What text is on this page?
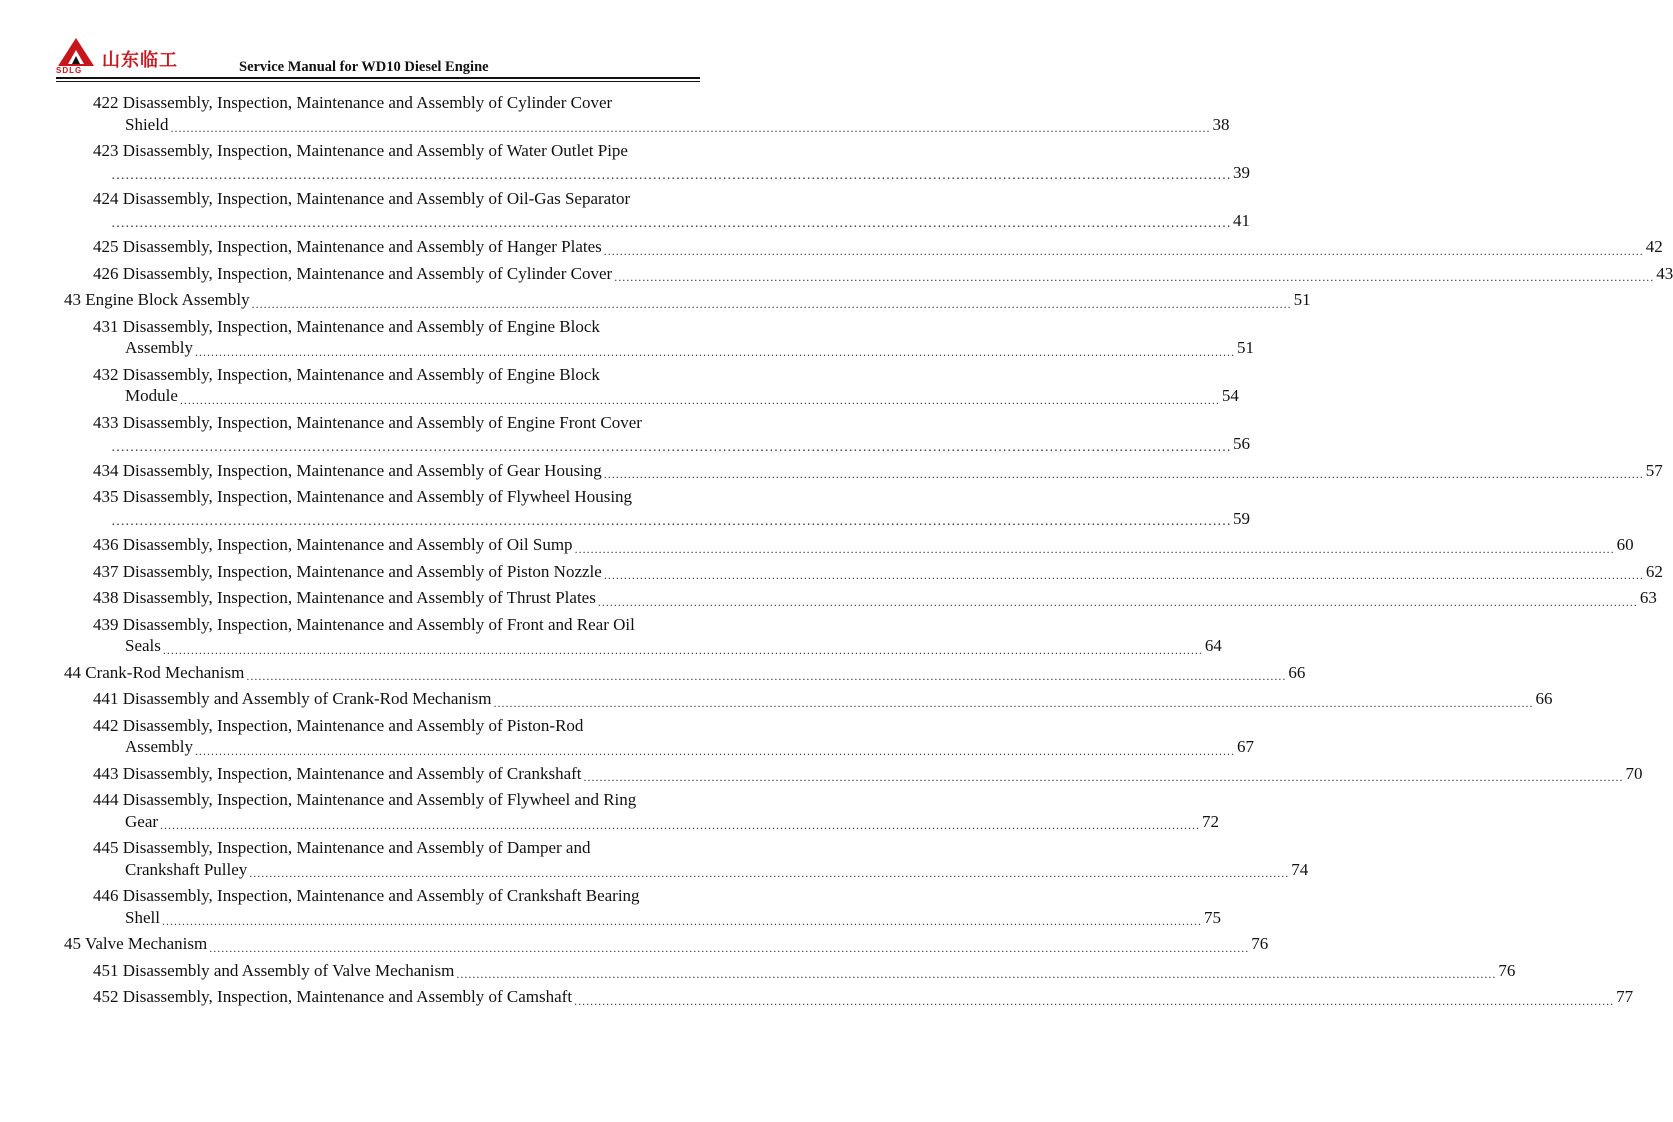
山东临工
SDLG	Service Manual for WD10 Diesel Engine
422 Disassembly, Inspection, Maintenance and Assembly of Cylinder Cover
Shield .................................................................................................................................................................................................................................................................... 38
423 Disassembly, Inspection, Maintenance and Assembly of Water Outlet Pipe
…………………………………………………………………………………………………………………………………………………………………………………………………………………… 39
424 Disassembly, Inspection, Maintenance and Assembly of Oil-Gas Separator
…………………………………………………………………………………………………………………………………………………………………………………………………………………… 41
425 Disassembly, Inspection, Maintenance and Assembly of Hanger Plates .................................................................................................................................................................................................................................................................... 42
426 Disassembly, Inspection, Maintenance and Assembly of Cylinder Cover .................................................................................................................................................................................................................................................................... 43
43 Engine Block Assembly .................................................................................................................................................................................................................................................................... 51
431 Disassembly, Inspection, Maintenance and Assembly of Engine Block
Assembly .................................................................................................................................................................................................................................................................... 51
432 Disassembly, Inspection, Maintenance and Assembly of Engine Block
Module .................................................................................................................................................................................................................................................................... 54
433 Disassembly, Inspection, Maintenance and Assembly of Engine Front Cover
…………………………………………………………………………………………………………………………………………………………………………………………………………………… 56
434 Disassembly, Inspection, Maintenance and Assembly of Gear Housing .................................................................................................................................................................................................................................................................... 57
435 Disassembly, Inspection, Maintenance and Assembly of Flywheel Housing
…………………………………………………………………………………………………………………………………………………………………………………………………………………… 59
436 Disassembly, Inspection, Maintenance and Assembly of Oil Sump .................................................................................................................................................................................................................................................................... 60
437 Disassembly, Inspection, Maintenance and Assembly of Piston Nozzle .................................................................................................................................................................................................................................................................... 62
438 Disassembly, Inspection, Maintenance and Assembly of Thrust Plates .................................................................................................................................................................................................................................................................... 63
439 Disassembly, Inspection, Maintenance and Assembly of Front and Rear Oil
Seals .................................................................................................................................................................................................................................................................... 64
44 Crank-Rod Mechanism .................................................................................................................................................................................................................................................................... 66
441 Disassembly and Assembly of Crank-Rod Mechanism .................................................................................................................................................................................................................................................................... 66
442 Disassembly, Inspection, Maintenance and Assembly of Piston-Rod
Assembly .................................................................................................................................................................................................................................................................... 67
443 Disassembly, Inspection, Maintenance and Assembly of Crankshaft .................................................................................................................................................................................................................................................................... 70
444 Disassembly, Inspection, Maintenance and Assembly of Flywheel and Ring
Gear .................................................................................................................................................................................................................................................................... 72
445 Disassembly, Inspection, Maintenance and Assembly of Damper and
Crankshaft Pulley .................................................................................................................................................................................................................................................................... 74
446 Disassembly, Inspection, Maintenance and Assembly of Crankshaft Bearing
Shell .................................................................................................................................................................................................................................................................... 75
45 Valve Mechanism .................................................................................................................................................................................................................................................................... 76
451 Disassembly and Assembly of Valve Mechanism .................................................................................................................................................................................................................................................................... 76
452 Disassembly, Inspection, Maintenance and Assembly of Camshaft .................................................................................................................................................................................................................................................................... 77
